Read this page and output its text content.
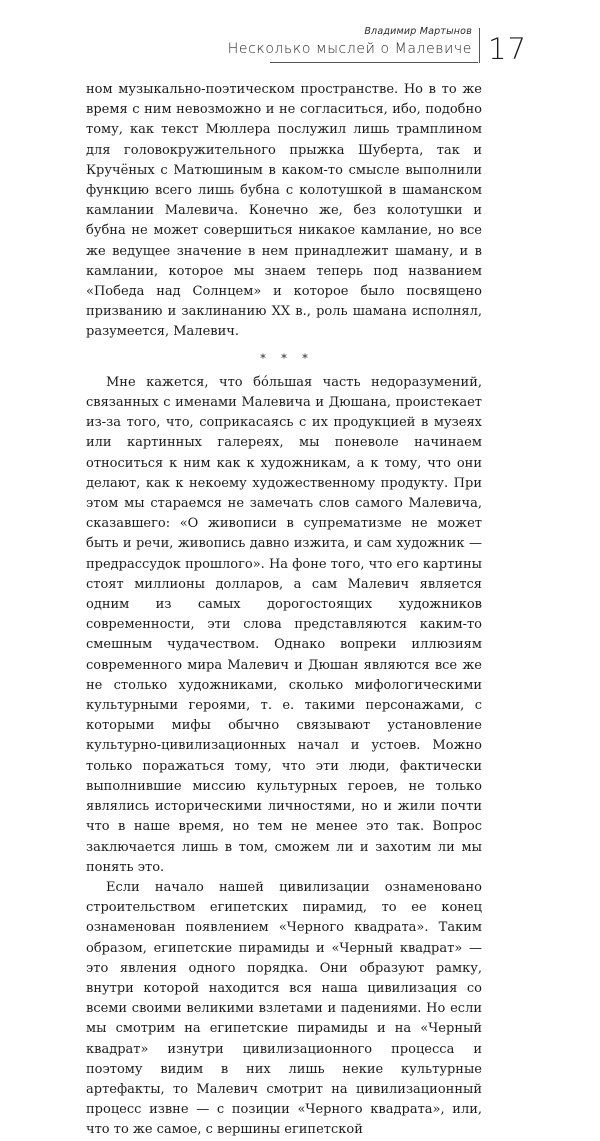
Владимир Мартынов
Несколько мыслей о Малевиче 17

ном музыкально-поэтическом пространстве. Но в то же время с ним невозможно и не согласиться, ибо, подобно тому, как текст Мюллера послужил лишь трамплином для головокружительного прыжка Шуберта, так и Кручёных с Матюшиным в каком-то смысле выполнили функцию всего лишь бубна с колотушкой в шаманском камлании Малевича. Конечно же, без колотушки и бубна не может совершиться никакое камлание, но все же ведущее значение в нем принадлежит шаману, и в камлании, которое мы знаем теперь под названием «Победа над Солнцем» и которое было посвящено призванию и заклинанию ХХ в., роль шамана исполнял, разумеется, Малевич.

* * *

Мне кажется, что бóльшая часть недоразумений, связанных с именами Малевича и Дюшана, проистекает из-за того, что, соприкасаясь с их продукцией в музеях или картинных галереях, мы поневоле начинаем относиться к ним как к художникам, а к тому, что они делают, как к некоему художественному продукту. При этом мы стараемся не замечать слов самого Малевича, сказавшего: «О живописи в супрематизме не может быть и речи, живопись давно изжита, и сам художник — предрассудок прошлого». На фоне того, что его картины стоят миллионы долларов, а сам Малевич является одним из самых дорогостоящих художников современности, эти слова представляются каким-то смешным чудачеством. Однако вопреки иллюзиям современного мира Малевич и Дюшан являются все же не столько художниками, сколько мифологическими культурными героями, т. е. такими персонажами, с которыми мифы обычно связывают установление культурно-цивилизационных начал и устоев. Можно только поражаться тому, что эти люди, фактически выполнившие миссию культурных героев, не только являлись историческими личностями, но и жили почти что в наше время, но тем не менее это так. Вопрос заключается лишь в том, сможем ли и захотим ли мы понять это.

Если начало нашей цивилизации ознаменовано строительством египетских пирамид, то ее конец ознаменован появлением «Черного квадрата». Таким образом, египетские пирамиды и «Черный квадрат» — это явления одного порядка. Они образуют рамку, внутри которой находится вся наша цивилизация со всеми своими великими взлетами и падениями. Но если мы смотрим на египетские пирамиды и на «Черный квадрат» изнутри цивилизационного процесса и поэтому видим в них лишь некие культурные артефакты, то Малевич смотрит на цивилизационный процесс извне — с позиции «Черного квадрата», или, что то же самое, с вершины египетской
